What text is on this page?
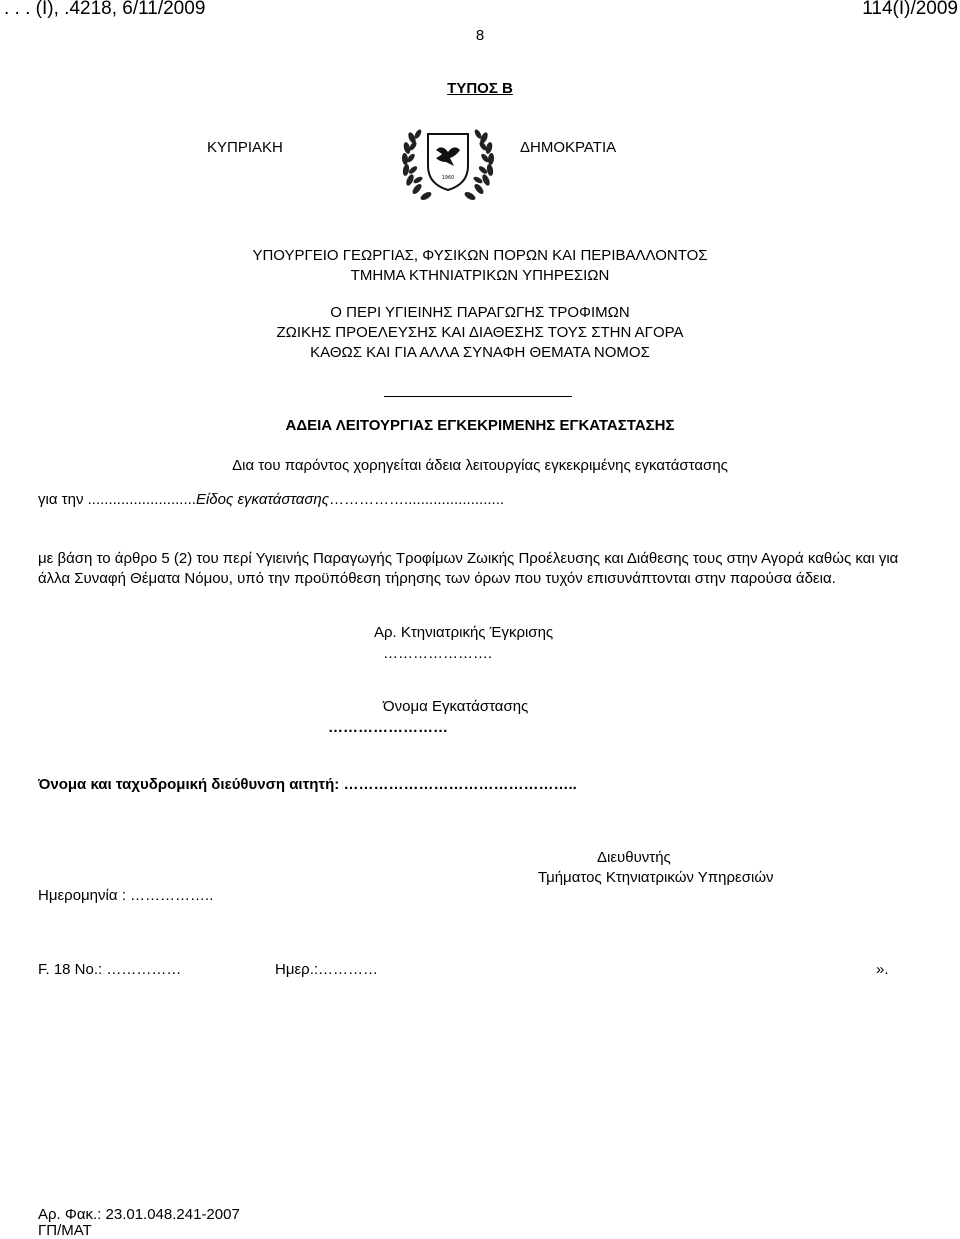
. . . (Ι), .4218, 6/11/2009	114(Ι)/2009
8
ΤΥΠΟΣ Β
ΚΥΠΡΙΑΚΗ	ΔΗΜΟΚΡΑΤΙΑ
1960
ΥΠΟΥΡΓΕΙΟ ΓΕΩΡΓΙΑΣ, ΦΥΣΙΚΩΝ ΠΟΡΩΝ ΚΑΙ ΠΕΡΙΒΑΛΛΟΝΤΟΣ
ΤΜΗΜΑ ΚΤΗΝΙΑΤΡΙΚΩΝ ΥΠΗΡΕΣΙΩΝ
Ο ΠΕΡΙ ΥΓΙΕΙΝΗΣ ΠΑΡΑΓΩΓΗΣ ΤΡΟΦΙΜΩΝ
ΖΩΙΚΗΣ ΠΡΟΕΛΕΥΣΗΣ ΚΑΙ ΔΙΑΘΕΣΗΣ ΤΟΥΣ ΣΤΗΝ ΑΓΟΡΑ
ΚΑΘΩΣ ΚΑΙ ΓΙΑ ΑΛΛΑ ΣΥΝΑΦΗ ΘΕΜΑΤΑ ΝΟΜΟΣ
ΑΔΕΙΑ ΛΕΙΤΟΥΡΓΙΑΣ ΕΓΚΕΚΡΙΜΕΝΗΣ ΕΓΚΑΤΑΣΤΑΣΗΣ
Δια του παρόντος χορηγείται άδεια λειτουργίας εγκεκριμένης εγκατάστασης
για την ..........................Είδος εγκατάστασης……………........................
με βάση το άρθρο 5 (2) του περί Υγιεινής Παραγωγής Τροφίμων Ζωικής Προέλευσης και Διάθεσης τους στην Αγορά καθώς και για άλλα Συναφή Θέματα Νόμου, υπό την προϋπόθεση τήρησης των όρων που τυχόν επισυνάπτονται στην παρούσα άδεια.
Αρ. Κτηνιατρικής Έγκρισης
………………….
Όνομα Εγκατάστασης
……………………
Όνομα και ταχυδρομική διεύθυνση αιτητή: ………………………………………..
Διευθυντής
Τμήματος Κτηνιατρικών Υπηρεσιών
Ημερομηνία : ……………..
F. 18 No.: ……………	Ημερ.:…………	».
Αρ. Φακ.: 23.01.048.241-2007
ΓΠ/ΜΑΤ
